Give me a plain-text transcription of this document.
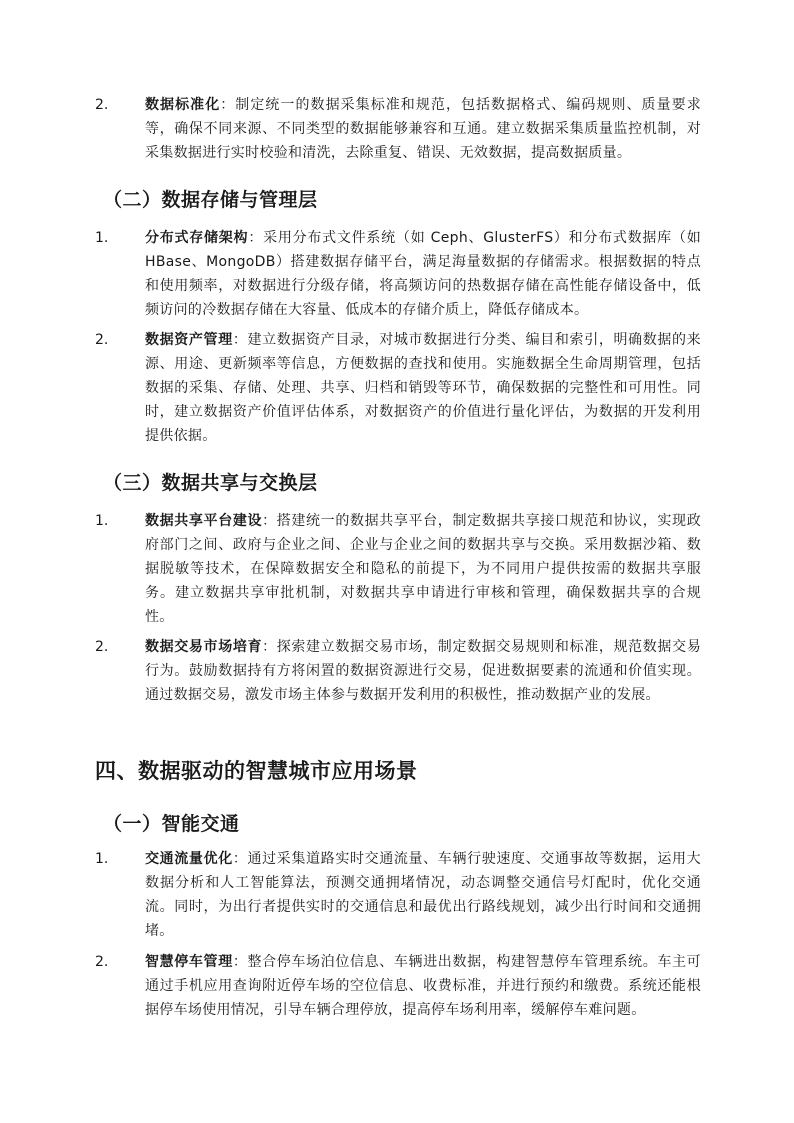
2.	数据标准化：制定统一的数据采集标准和规范，包括数据格式、编码规则、质量要求等，确保不同来源、不同类型的数据能够兼容和互通。建立数据采集质量监控机制，对采集数据进行实时校验和清洗，去除重复、错误、无效数据，提高数据质量。
（二）数据存储与管理层
1.	分布式存储架构：采用分布式文件系统（如 Ceph、GlusterFS）和分布式数据库（如 HBase、MongoDB）搭建数据存储平台，满足海量数据的存储需求。根据数据的特点和使用频率，对数据进行分级存储，将高频访问的热数据存储在高性能存储设备中，低频访问的冷数据存储在大容量、低成本的存储介质上，降低存储成本。
2.	数据资产管理：建立数据资产目录，对城市数据进行分类、编目和索引，明确数据的来源、用途、更新频率等信息，方便数据的查找和使用。实施数据全生命周期管理，包括数据的采集、存储、处理、共享、归档和销毁等环节，确保数据的完整性和可用性。同时，建立数据资产价值评估体系，对数据资产的价值进行量化评估，为数据的开发利用提供依据。
（三）数据共享与交换层
1.	数据共享平台建设：搭建统一的数据共享平台，制定数据共享接口规范和协议，实现政府部门之间、政府与企业之间、企业与企业之间的数据共享与交换。采用数据沙箱、数据脱敏等技术，在保障数据安全和隐私的前提下，为不同用户提供按需的数据共享服务。建立数据共享审批机制，对数据共享申请进行审核和管理，确保数据共享的合规性。
2.	数据交易市场培育：探索建立数据交易市场，制定数据交易规则和标准，规范数据交易行为。鼓励数据持有方将闲置的数据资源进行交易，促进数据要素的流通和价值实现。通过数据交易，激发市场主体参与数据开发利用的积极性，推动数据产业的发展。
四、数据驱动的智慧城市应用场景
（一）智能交通
1.	交通流量优化：通过采集道路实时交通流量、车辆行驶速度、交通事故等数据，运用大数据分析和人工智能算法，预测交通拥堵情况，动态调整交通信号灯配时，优化交通流。同时，为出行者提供实时的交通信息和最优出行路线规划，减少出行时间和交通拥堵。
2.	智慧停车管理：整合停车场泊位信息、车辆进出数据，构建智慧停车管理系统。车主可通过手机应用查询附近停车场的空位信息、收费标准，并进行预约和缴费。系统还能根据停车场使用情况，引导车辆合理停放，提高停车场利用率，缓解停车难问题。
